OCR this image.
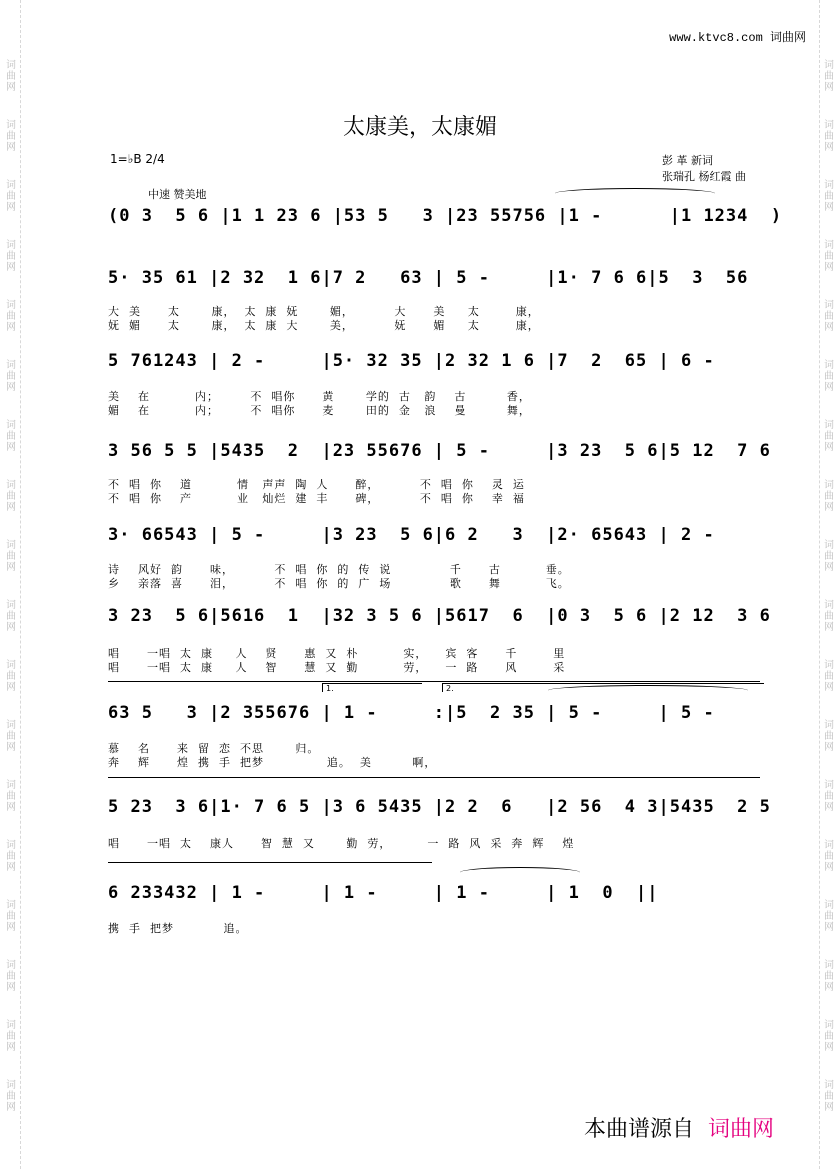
词
曲
网
词
曲
网
词
曲
网
词
曲
网
词
曲
网
词
曲
网
词
曲
网
词
曲
网
词
曲
网
词
曲
网
词
曲
网
词
曲
网
词
曲
网
词
曲
网
词
曲
网
词
曲
网
词
曲
网
词
曲
网
词
曲
网
词
曲
网
词
曲
网
词
曲
网
词
曲
网
词
曲
网
词
曲
网
词
曲
网
词
曲
网
词
曲
网
词
曲
网
词
曲
网
词
曲
网
词
曲
网
词
曲
网
词
曲
网
词
曲
网
词
曲
网
www.ktvc8.com 词曲网
太康美，太康媚
1=♭B 2/4
中速 赞美地
彭 革 新词
张瑞孔 杨红霞 曲
(0 3  5 6 |1 1 23 6 |53 5   3 |23 55756 |1 -      |1 1234  )
5· 35 61 |2 32  1 6|7 2   63 | 5 -     |1· 7 6 6|5  3  56
大  美      太       康，  太  康  妩       媚，         大      美     太        康，
妩  媚      太       康，  太  康  大       美，         妩      媚     太        康，
5 761243 | 2 -     |5· 32 35 |2 32 1 6 |7  2  65 | 6 -
美    在          内；       不  唱你      黄       学的  古   韵    古         香，
媚    在          内；       不  唱你      麦       田的  金   浪    曼         舞，
3 56 5 5 |5435  2  |23 55676 | 5 -     |3 23  5 6|5 12  7 6
不  唱  你    道          情   声声  陶  人      醉，         不  唱  你    灵  运
不  唱  你    产          业   灿烂  建  丰      碑，         不  唱  你    幸  福
3· 66543 | 5 -     |3 23  5 6|6 2   3  |2· 65643 | 2 -
诗    风好  韵      味，         不  唱  你  的  传  说             千      古          垂。
乡    亲落  喜      泪，         不  唱  你  的  广  场             歌      舞          飞。
3 23  5 6|5616  1  |32 3 5 6 |5617  6  |0 3  5 6 |2 12  3 6
唱      一唱  太  康     人    贤      惠  又  朴          实，    宾  客      千        里
唱      一唱  太  康     人    智      慧  又  勤          劳，    一  路      风        采
1.	2.
63 5   3 |2 355676 | 1 -     :|5  2 35 | 5 -     | 5 -
慕    名      来  留  恋  不思       归。
奔    辉      煌  携  手  把梦              追。  美         啊，
5 23  3 6|1· 7 6 5 |3 6 5435 |2 2  6   |2 56  4 3|5435  2 5
唱      一唱  太    康人      智  慧  又       勤  劳，        一  路  风  采  奔  辉    煌
6 233432 | 1 -     | 1 -     | 1 -     | 1  0  ||
携  手  把梦           追。
本曲谱源自 词曲网
